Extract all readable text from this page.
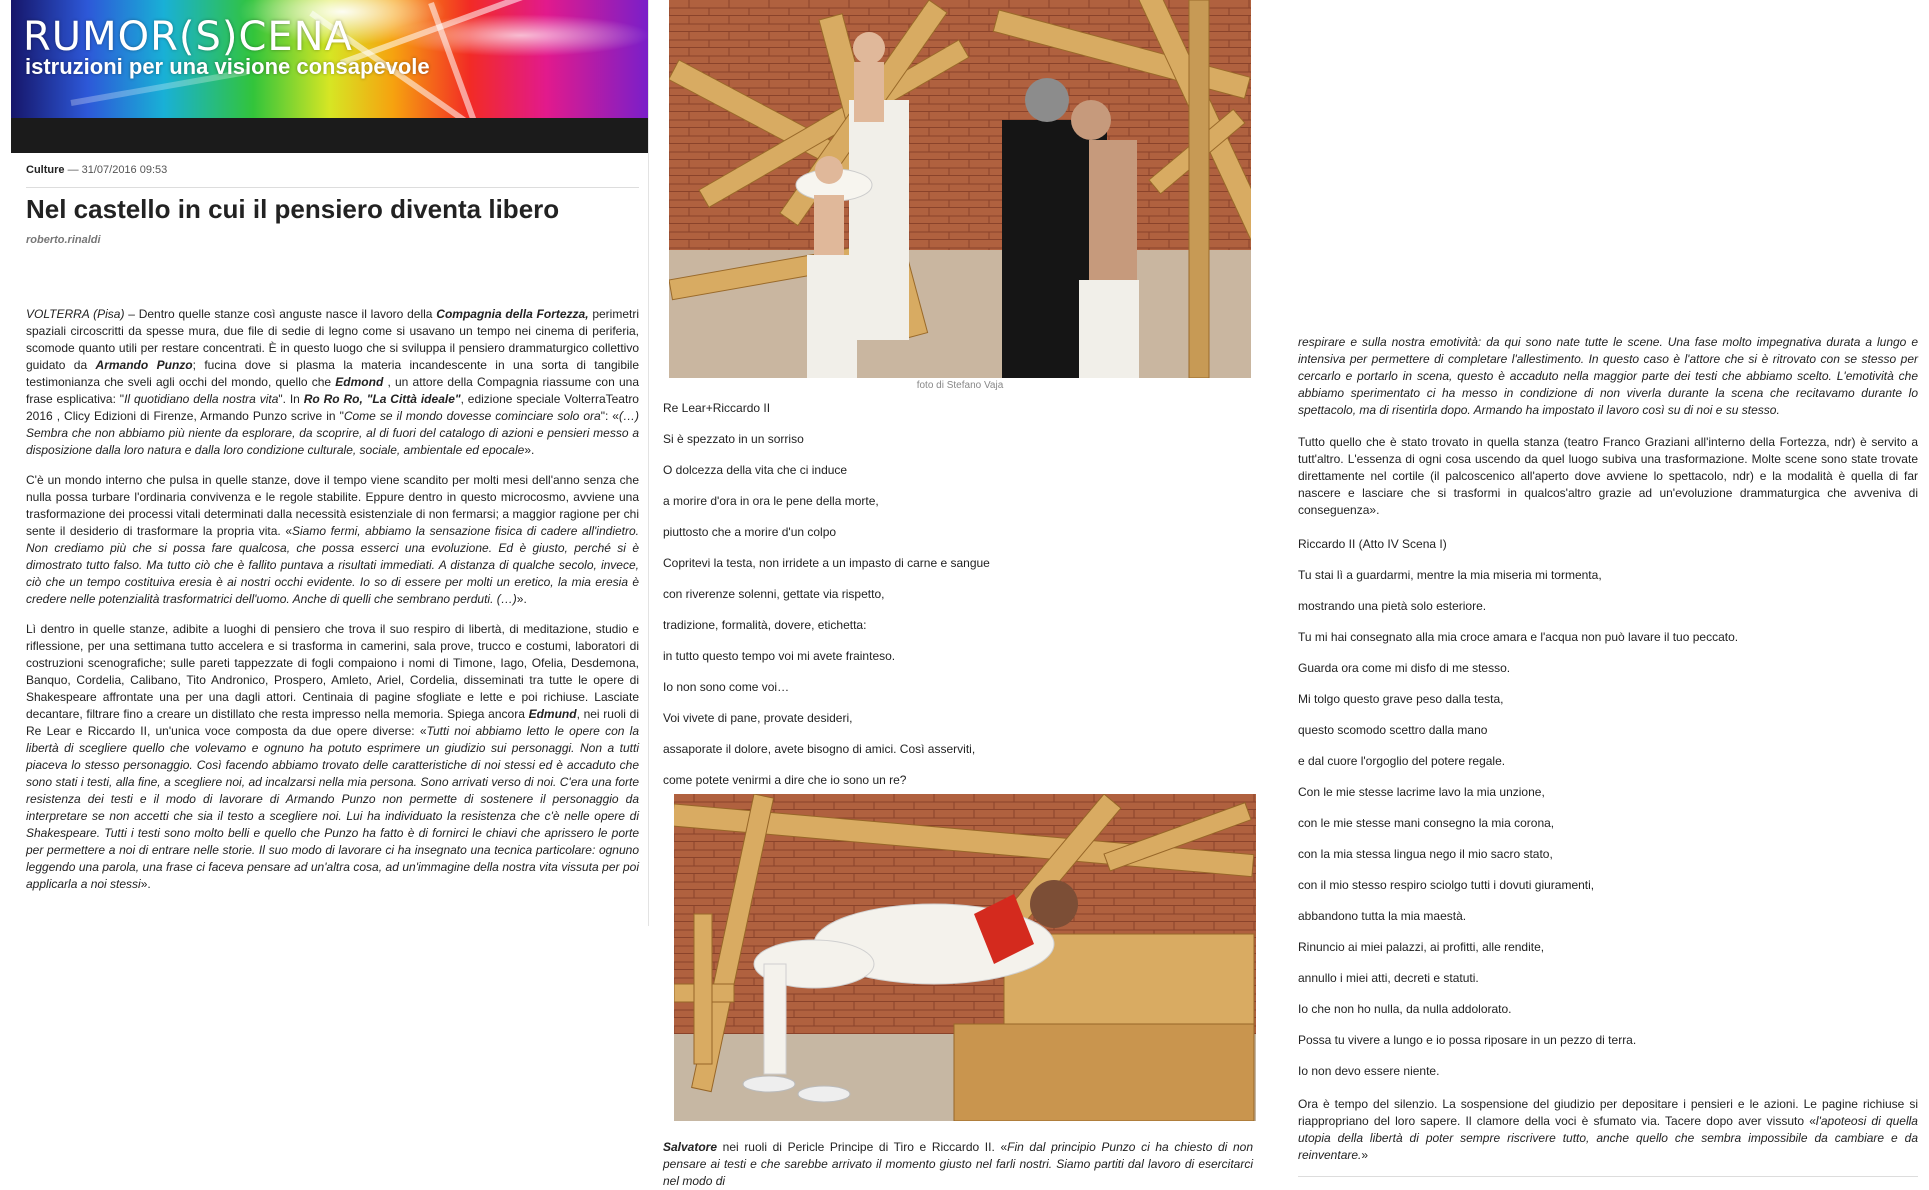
RUMOR(S)CENA
istruzioni per una visione consapevole
Culture — 31/07/2016 09:53
Nel castello in cui il pensiero diventa libero
roberto.rinaldi

VOLTERRA (Pisa) – Dentro quelle stanze così anguste nasce il lavoro della Compagnia della Fortezza, perimetri spaziali circoscritti da spesse mura, due file di sedie di legno come si usavano un tempo nei cinema di periferia, scomode quanto utili per restare concentrati. È in questo luogo che si sviluppa il pensiero drammaturgico collettivo guidato da Armando Punzo; fucina dove si plasma la materia incandescente in una sorta di tangibile testimonianza che sveli agli occhi del mondo, quello che Edmond , un attore della Compagnia riassume con una frase esplicativa: "Il quotidiano della nostra vita". In Ro Ro Ro, "La Città ideale", edizione speciale VolterraTeatro 2016 , Clicy Edizioni di Firenze, Armando Punzo scrive in "Come se il mondo dovesse cominciare solo ora": «(…) Sembra che non abbiamo più niente da esplorare, da scoprire, al di fuori del catalogo di azioni e pensieri messo a disposizione dalla loro natura e dalla loro condizione culturale, sociale, ambientale ed epocale».

C'è un mondo interno che pulsa in quelle stanze, dove il tempo viene scandito per molti mesi dell'anno senza che nulla possa turbare l'ordinaria convivenza e le regole stabilite. Eppure dentro in questo microcosmo, avviene una trasformazione dei processi vitali determinati dalla necessità esistenziale di non fermarsi; a maggior ragione per chi sente il desiderio di trasformare la propria vita. «Siamo fermi, abbiamo la sensazione fisica di cadere all'indietro. Non crediamo più che si possa fare qualcosa, che possa esserci una evoluzione. Ed è giusto, perché si è dimostrato tutto falso. Ma tutto ciò che è fallito puntava a risultati immediati. A distanza di qualche secolo, invece, ciò che un tempo costituiva eresia è ai nostri occhi evidente. Io so di essere per molti un eretico, la mia eresia è credere nelle potenzialità trasformatrici dell'uomo. Anche di quelli che sembrano perduti. (…)».

Lì dentro in quelle stanze, adibite a luoghi di pensiero che trova il suo respiro di libertà, di meditazione, studio e riflessione, per una settimana tutto accelera e si trasforma in camerini, sala prove, trucco e costumi, laboratori di costruzioni scenografiche; sulle pareti tappezzate di fogli compaiono i nomi di Timone, Iago, Ofelia, Desdemona, Banquo, Cordelia, Calibano, Tito Andronico, Prospero, Amleto, Ariel, Cordelia, disseminati tra tutte le opere di Shakespeare affrontate una per una dagli attori. Centinaia di pagine sfogliate e lette e poi richiuse. Lasciate decantare, filtrare fino a creare un distillato che resta impresso nella memoria. Spiega ancora Edmund, nei ruoli di Re Lear e Riccardo II, un'unica voce composta da due opere diverse: «Tutti noi abbiamo letto le opere con la libertà di scegliere quello che volevamo e ognuno ha potuto esprimere un giudizio sui personaggi. Non a tutti piaceva lo stesso personaggio. Così facendo abbiamo trovato delle caratteristiche di noi stessi ed è accaduto che sono stati i testi, alla fine, a sceglierе noi, ad incalzarsi nella mia persona. Sono arrivati verso di noi. C'era una forte resistenza dei testi e il modo di lavorare di Armando Punzo non permette di sostenere il personaggio da interpretare se non accetti che sia il testo a scegliere noi. Lui ha individuato la resistenza che c'è nelle opere di Shakespeare. Tutti i testi sono molto belli e quello che Punzo ha fatto è di fornirci le chiavi che aprissero le porte per permettere a noi di entrare nelle storie. Il suo modo di lavorare ci ha insegnato una tecnica particolare: ognuno leggendo una parola, una frase ci faceva pensare ad un'altra cosa, ad un'immagine della nostra vita vissuta per poi applicarla a noi stessi».

foto di Stefano Vaja
Re Lear+Riccardo II
Si è spezzato in un sorriso
O dolcezza della vita che ci induce
a morire d'ora in ora le pene della morte,
piuttosto che a morire d'un colpo
Copritevi la testa, non irridete a un impasto di carne e sangue
con riverenze solenni, gettate via rispetto,
tradizione, formalità, dovere, etichetta:
in tutto questo tempo voi mi avete frainteso.
Io non sono come voi…
Voi vivete di pane, provate desideri,
assaporate il dolore, avete bisogno di amici. Così asserviti,
come potete venirmi a dire che io sono un re?
Salvatore nei ruoli di Pericle Principe di Tiro e Riccardo II. «Fin dal principio Punzo ci ha chiesto di non pensare ai testi e che sarebbe arrivato il momento giusto nel farli nostri. Siamo partiti dal lavoro di esercitarci nel modo di

respirare e sulla nostra emotività: da qui sono nate tutte le scene. Una fase molto impegnativa durata a lungo e intensiva per permettere di completare l'allestimento. In questo caso è l'attore che si è ritrovato con se stesso per cercarlo e portarlo in scena, questo è accaduto nella maggior parte dei testi che abbiamo scelto. L'emotività che abbiamo sperimentato ci ha messo in condizione di non viverla durante la scena che recitavamo durante lo spettacolo, ma di risentirla dopo. Armando ha impostato il lavoro così su di noi e su stesso.

Tutto quello che è stato trovato in quella stanza (teatro Franco Graziani all'interno della Fortezza, ndr) è servito a tutt'altro. L'essenza di ogni cosa uscendo da quel luogo subiva una trasformazione. Molte scene sono state trovate direttamente nel cortile (il palcoscenico all'aperto dove avviene lo spettacolo, ndr) e la modalità è quella di far nascere e lasciare che si trasformi in qualcos'altro grazie ad un'evoluzione drammaturgica che avveniva di conseguenza».

Riccardo II (Atto IV Scena I)
Tu stai lì a guardarmi, mentre la mia miseria mi tormenta,
mostrando una pietà solo esteriore.
Tu mi hai consegnato alla mia croce amara e l'acqua non può lavare il tuo peccato.
Guarda ora come mi disfo di me stesso.
Mi tolgo questo grave peso dalla testa,
questo scomodo scettro dalla mano
e dal cuore l'orgoglio del potere regale.
Con le mie stesse lacrime lavo la mia unzione,
con le mie stesse mani consegno la mia corona,
con la mia stessa lingua nego il mio sacro stato,
con il mio stesso respiro sciolgo tutti i dovuti giuramenti,
abbandono tutta la mia maestà.
Rinuncio ai miei palazzi, ai profitti, alle rendite,
annullo i miei atti, decreti e statuti.
Io che non ho nulla, da nulla addolorato.
Possa tu vivere a lungo e io possa riposare in un pezzo di terra.
Io non devo essere niente.
Ora è tempo del silenzio. La sospensione del giudizio per depositare i pensieri e le azioni. Le pagine richiuse si riappropriano del loro sapere. Il clamore della voci è sfumato via. Tacere dopo aver vissuto «l'apoteosi di quella utopia della libertà di poter sempre riscrivere tutto, anche quello che sembra impossibile da cambiare e da reinventare.»
